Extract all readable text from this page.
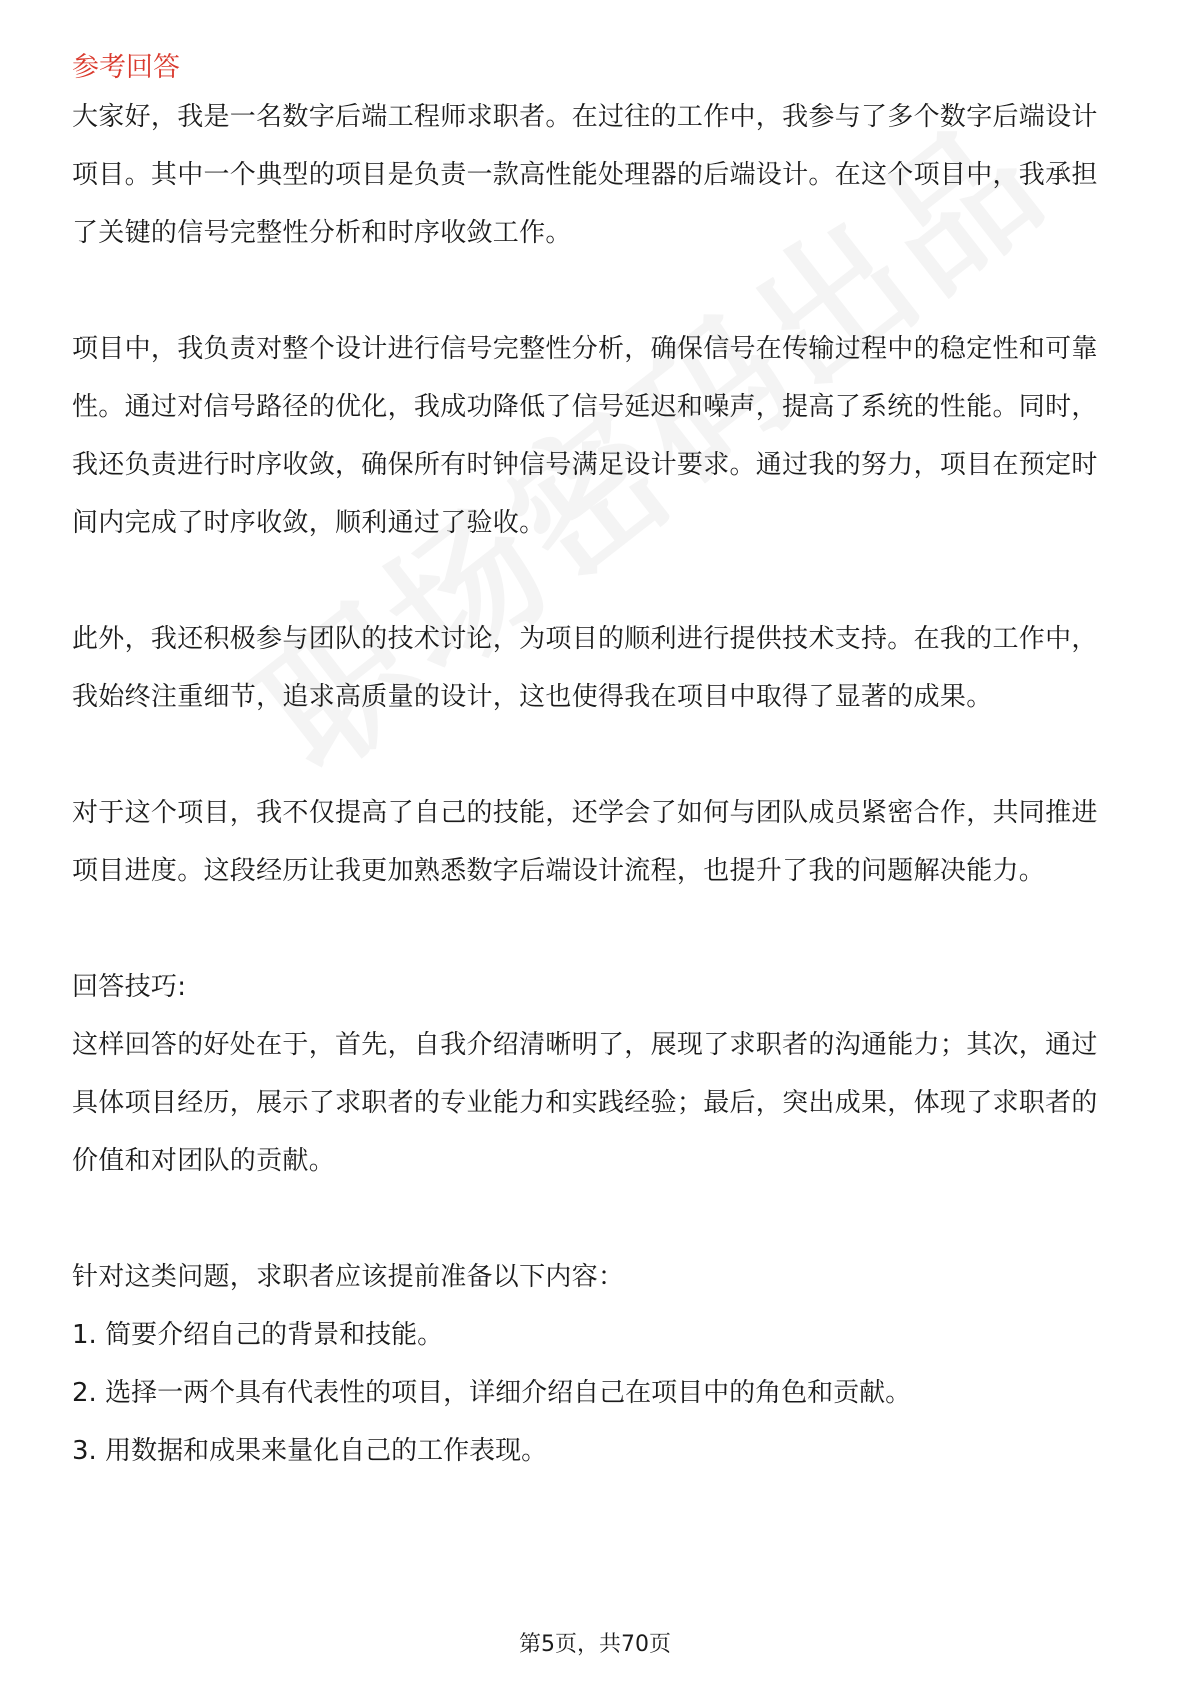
参考回答

大家好，我是一名数字后端工程师求职者。在过往的工作中，我参与了多个数字后端设计项目。其中一个典型的项目是负责一款高性能处理器的后端设计。在这个项目中，我承担了关键的信号完整性分析和时序收敛工作。

项目中，我负责对整个设计进行信号完整性分析，确保信号在传输过程中的稳定性和可靠性。通过对信号路径的优化，我成功降低了信号延迟和噪声，提高了系统的性能。同时，我还负责进行时序收敛，确保所有时钟信号满足设计要求。通过我的努力，项目在预定时间内完成了时序收敛，顺利通过了验收。

此外，我还积极参与团队的技术讨论，为项目的顺利进行提供技术支持。在我的工作中，我始终注重细节，追求高质量的设计，这也使得我在项目中取得了显著的成果。

对于这个项目，我不仅提高了自己的技能，还学会了如何与团队成员紧密合作，共同推进项目进度。这段经历让我更加熟悉数字后端设计流程，也提升了我的问题解决能力。

回答技巧:

这样回答的好处在于，首先，自我介绍清晰明了，展现了求职者的沟通能力；其次，通过具体项目经历，展示了求职者的专业能力和实践经验；最后，突出成果，体现了求职者的价值和对团队的贡献。

针对这类问题，求职者应该提前准备以下内容：

1. 简要介绍自己的背景和技能。

2. 选择一两个具有代表性的项目，详细介绍自己在项目中的角色和贡献。

3. 用数据和成果来量化自己的工作表现。

第5页，共70页
